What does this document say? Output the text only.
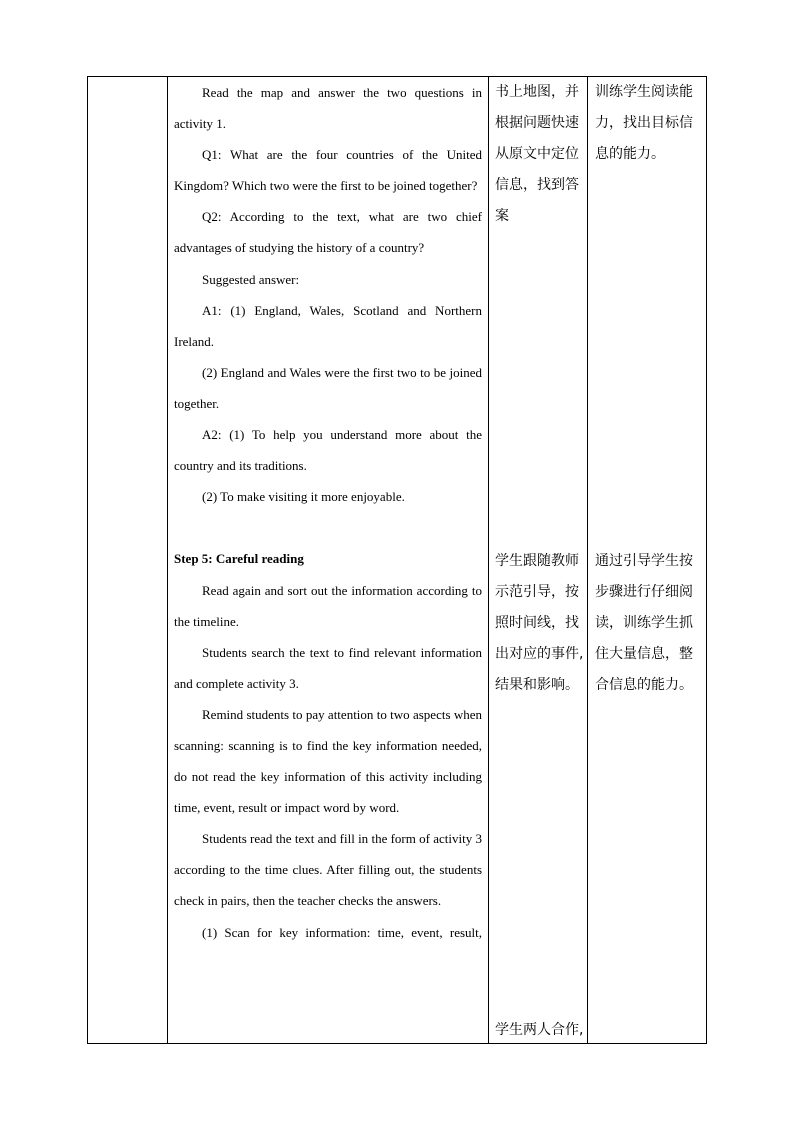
Read the map and answer the two questions in activity 1.

Q1: What are the four countries of the United Kingdom? Which two were the first to be joined together?

Q2: According to the text, what are two chief advantages of studying the history of a country?

Suggested answer:

A1: (1) England, Wales, Scotland and Northern Ireland.

(2) England and Wales were the first two to be joined together.

A2: (1) To help you understand more about the country and its traditions.

(2) To make visiting it more enjoyable.

Step 5: Careful reading

Read again and sort out the information according to the timeline.

Students search the text to find relevant information and complete activity 3.

Remind students to pay attention to two aspects when scanning: scanning is to find the key information needed, do not read the key information of this activity including time, event, result or impact word by word.

Students read the text and fill in the form of activity 3 according to the time clues. After filling out, the students check in pairs, then the teacher checks the answers.

(1) Scan for key information: time, event, result,

书上地图，并

根据问题快速

从原文中定位

信息，找到答

案

学生跟随教师

示范引导，按

照时间线，找

出对应的事件,

结果和影响。

学生两人合作,

训练学生阅读能

力，找出目标信

息的能力。

通过引导学生按

步骤进行仔细阅

读，训练学生抓

住大量信息，整

合信息的能力。
